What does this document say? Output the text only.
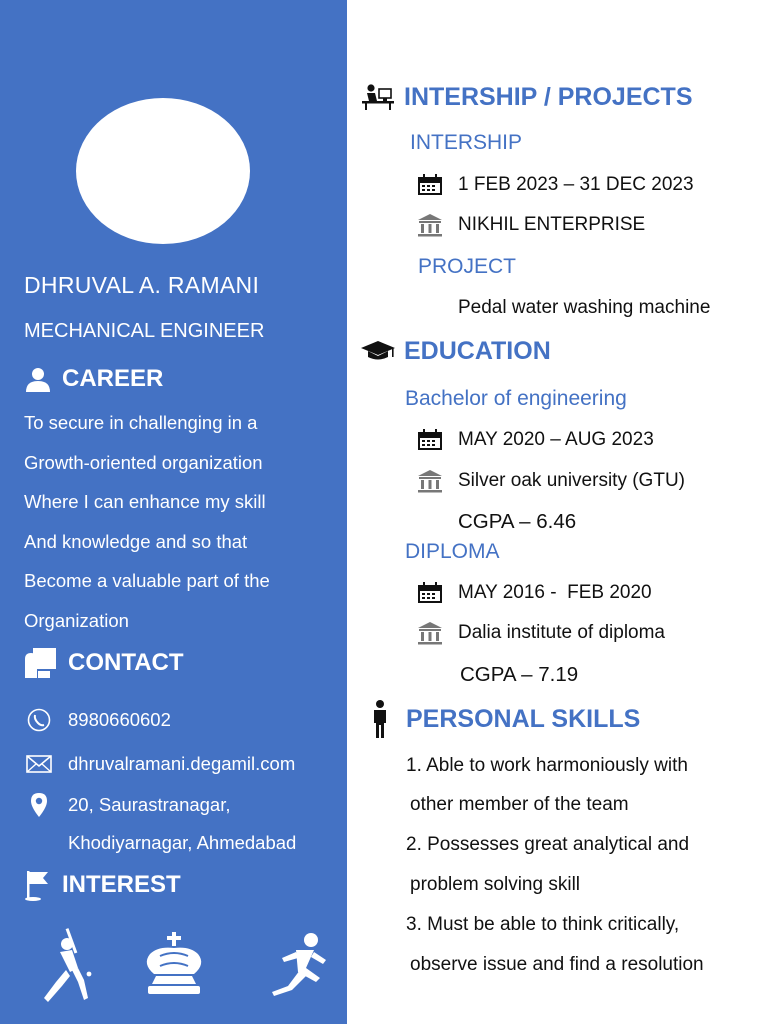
DHRUVAL A. RAMANI
MECHANICAL ENGINEER
CAREER
To secure in challenging in a
Growth-oriented organization
Where I can enhance my skill
And knowledge and so that
Become a valuable part of the
Organization
CONTACT
8980660602
dhruvalramani.degamil.com
20, Saurastranagar,
Khodiyarnagar, Ahmedabad
INTEREST
INTERSHIP / PROJECTS
INTERSHIP
1 FEB 2023 – 31 DEC 2023
NIKHIL ENTERPRISE
PROJECT
Pedal water washing machine
EDUCATION
Bachelor of engineering
MAY 2020 – AUG 2023
Silver oak university (GTU)
CGPA – 6.46
DIPLOMA
MAY 2016 -  FEB 2020
Dalia institute of diploma
CGPA – 7.19
PERSONAL SKILLS
1. Able to work harmoniously with
other member of the team
2. Possesses great analytical and
problem solving skill
3. Must be able to think critically,
observe issue and find a resolution
